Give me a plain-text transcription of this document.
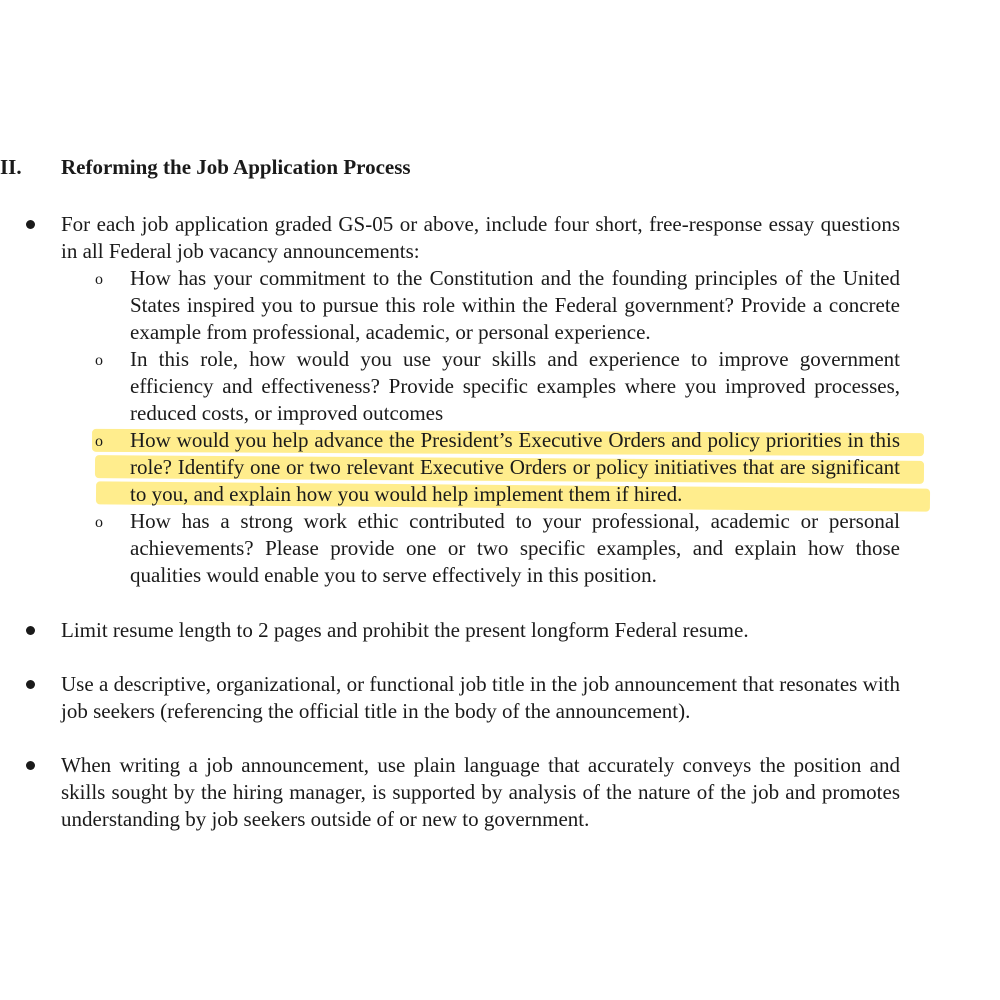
II. Reforming the Job Application Process
For each job application graded GS-05 or above, include four short, free-response essay questions in all Federal job vacancy announcements:
o How has your commitment to the Constitution and the founding principles of the United States inspired you to pursue this role within the Federal government? Provide a concrete example from professional, academic, or personal experience.
o In this role, how would you use your skills and experience to improve government efficiency and effectiveness? Provide specific examples where you improved processes, reduced costs, or improved outcomes
o How would you help advance the President’s Executive Orders and policy priorities in this role? Identify one or two relevant Executive Orders or policy initiatives that are significant to you, and explain how you would help implement them if hired.
o How has a strong work ethic contributed to your professional, academic or personal achievements? Please provide one or two specific examples, and explain how those qualities would enable you to serve effectively in this position.
Limit resume length to 2 pages and prohibit the present longform Federal resume.
Use a descriptive, organizational, or functional job title in the job announcement that resonates with job seekers (referencing the official title in the body of the announcement).
When writing a job announcement, use plain language that accurately conveys the position and skills sought by the hiring manager, is supported by analysis of the nature of the job and promotes understanding by job seekers outside of or new to government.
